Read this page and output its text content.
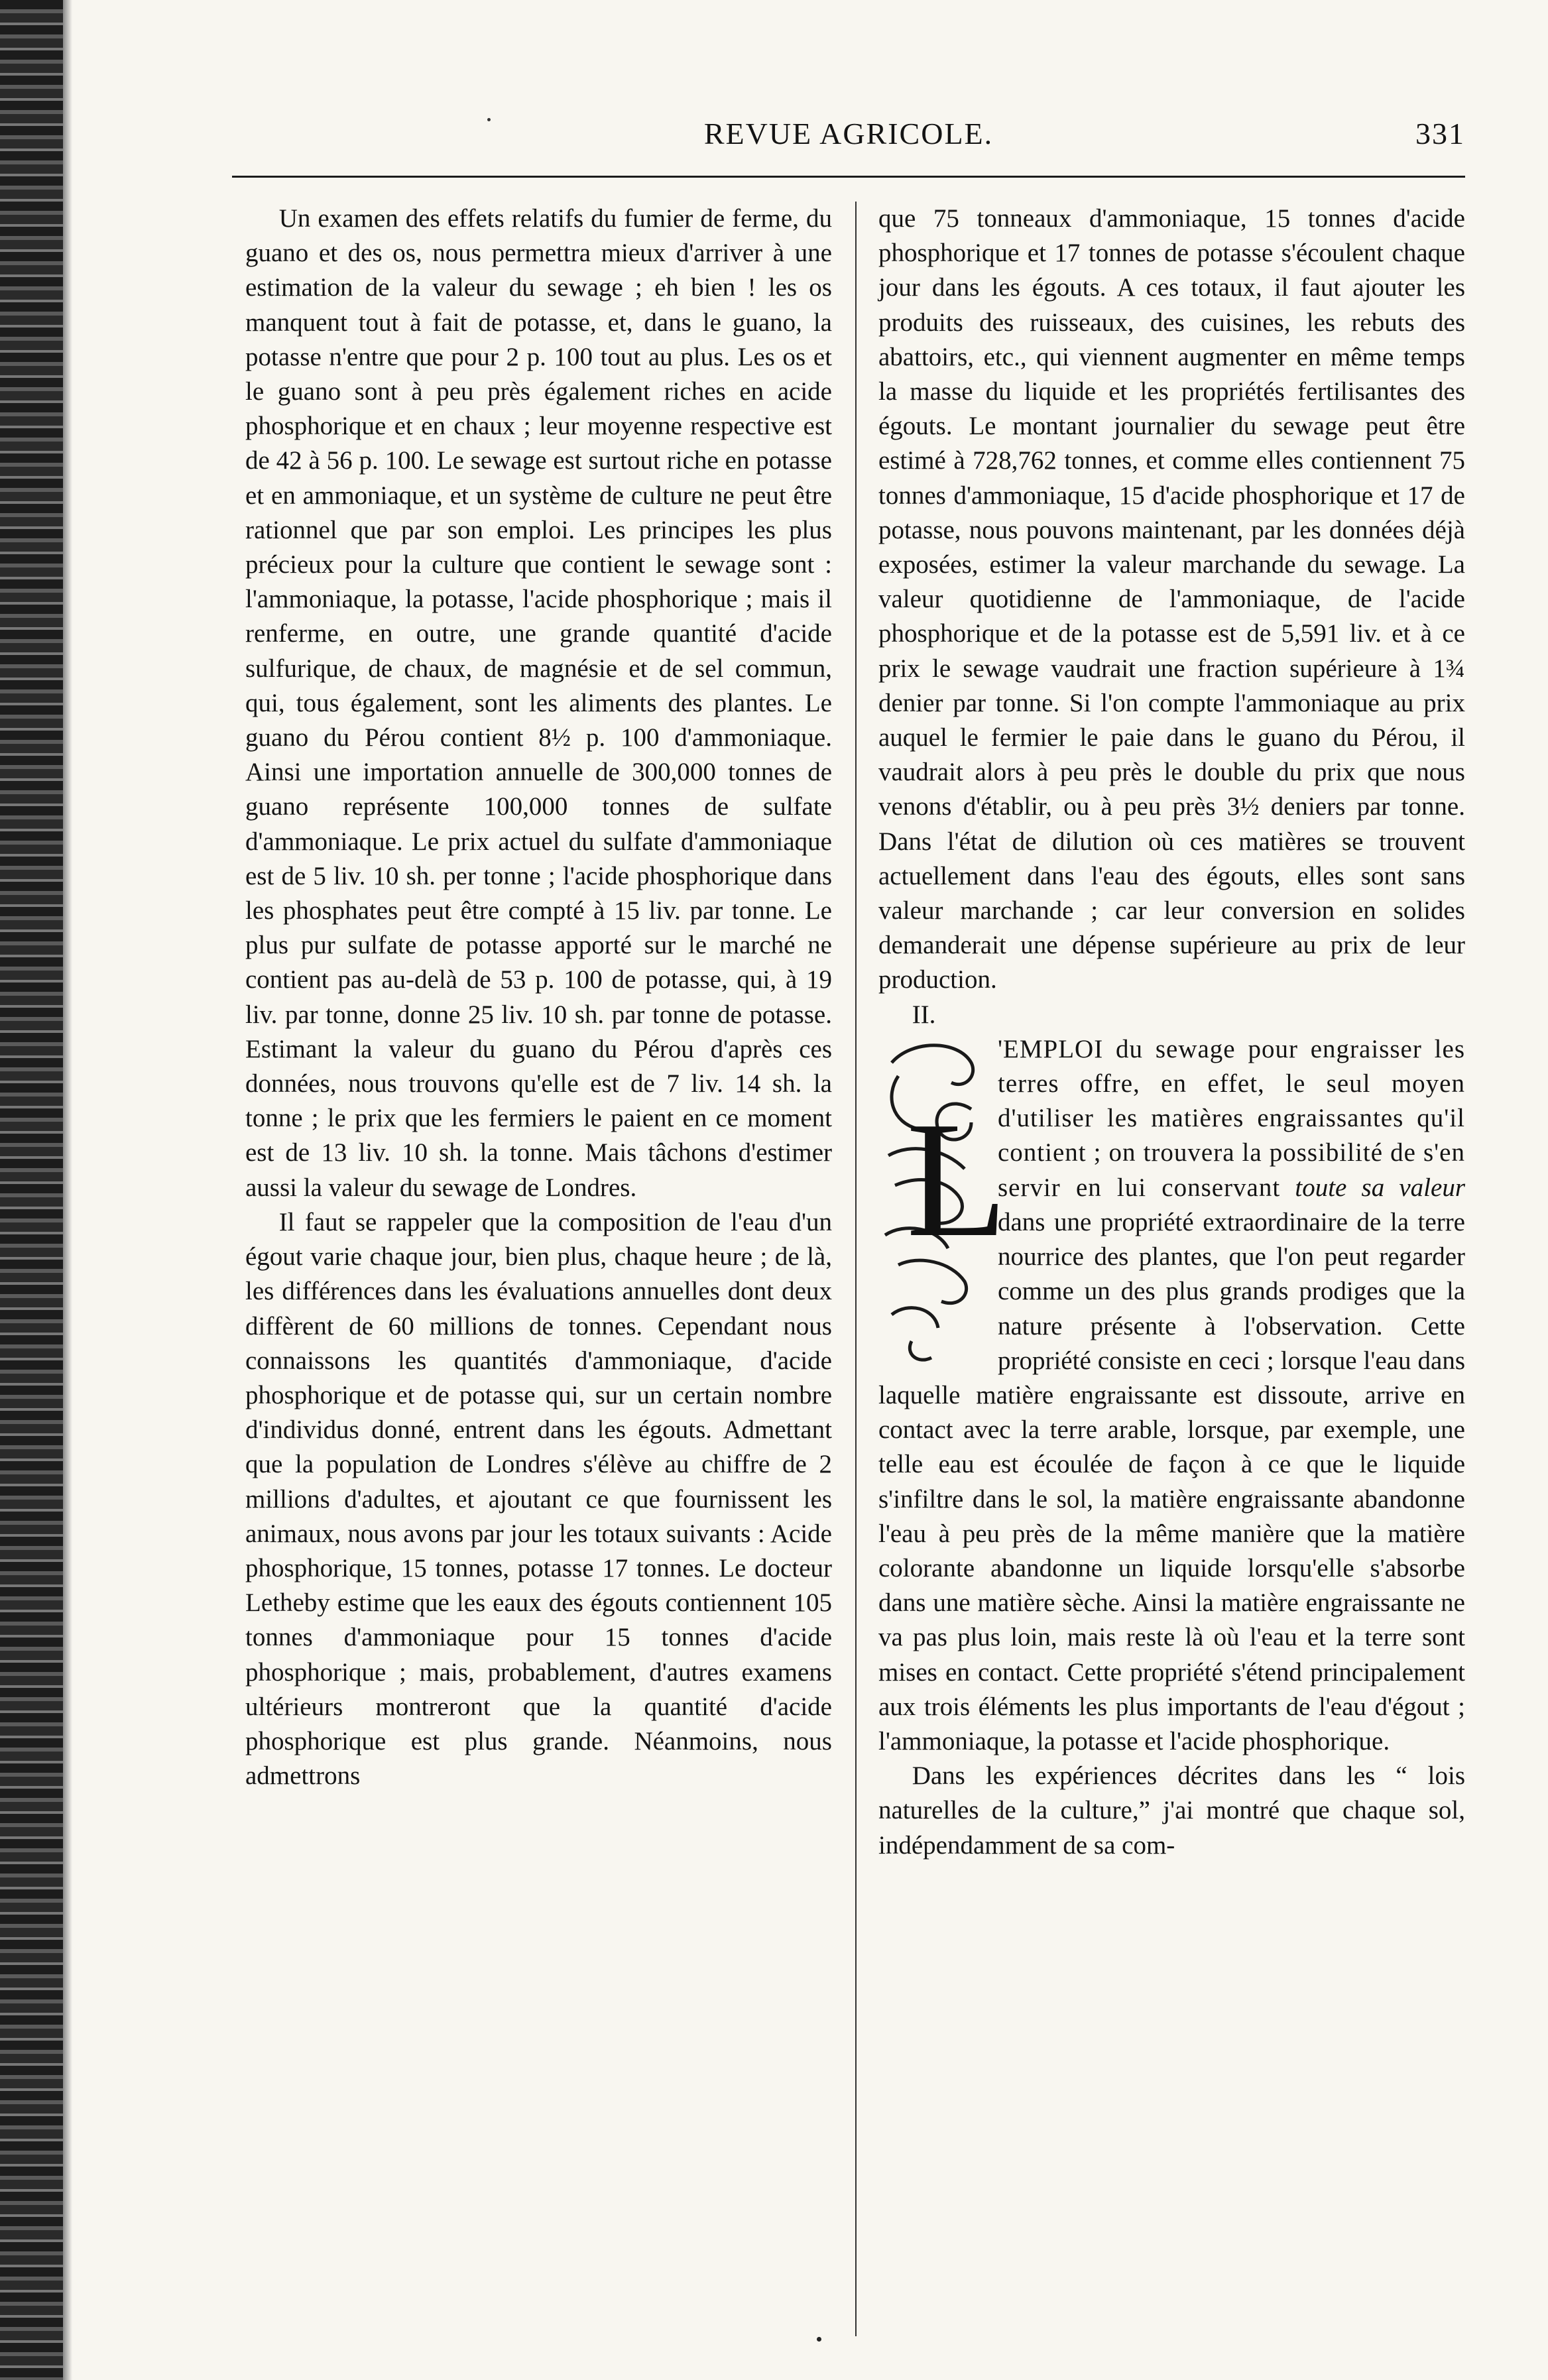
REVUE AGRICOLE.	331

Un examen des effets relatifs du fumier de ferme, du guano et des os, nous permettra mieux d'arriver à une estimation de la valeur du sewage ; eh bien ! les os manquent tout à fait de potasse, et, dans le guano, la potasse n'entre que pour 2 p. 100 tout au plus. Les os et le guano sont à peu près également riches en acide phosphorique et en chaux ; leur moyenne respective est de 42 à 56 p. 100. Le sewage est surtout riche en potasse et en ammoniaque, et un système de culture ne peut être rationnel que par son emploi. Les principes les plus précieux pour la culture que contient le sewage sont : l'ammoniaque, la potasse, l'acide phosphorique ; mais il renferme, en outre, une grande quantité d'acide sulfurique, de chaux, de magnésie et de sel commun, qui, tous également, sont les aliments des plantes. Le guano du Pérou contient 8½ p. 100 d'ammoniaque. Ainsi une importation annuelle de 300,000 tonnes de guano représente 100,000 tonnes de sulfate d'ammoniaque. Le prix actuel du sulfate d'ammoniaque est de 5 liv. 10 sh. per tonne ; l'acide phosphorique dans les phosphates peut être compté à 15 liv. par tonne. Le plus pur sulfate de potasse apporté sur le marché ne contient pas au-delà de 53 p. 100 de potasse, qui, à 19 liv. par tonne, donne 25 liv. 10 sh. par tonne de potasse. Estimant la valeur du guano du Pérou d'après ces données, nous trouvons qu'elle est de 7 liv. 14 sh. la tonne ; le prix que les fermiers le paient en ce moment est de 13 liv. 10 sh. la tonne. Mais tâchons d'estimer aussi la valeur du sewage de Londres.

Il faut se rappeler que la composition de l'eau d'un égout varie chaque jour, bien plus, chaque heure ; de là, les différences dans les évaluations annuelles dont deux diffèrent de 60 millions de tonnes. Cependant nous connaissons les quantités d'ammoniaque, d'acide phosphorique et de potasse qui, sur un certain nombre d'individus donné, entrent dans les égouts. Admettant que la population de Londres s'élève au chiffre de 2 millions d'adultes, et ajoutant ce que fournissent les animaux, nous avons par jour les totaux suivants : Acide phosphorique, 15 tonnes, potasse 17 tonnes. Le docteur Letheby estime que les eaux des égouts contiennent 105 tonnes d'ammoniaque pour 15 tonnes d'acide phosphorique ; mais, probablement, d'autres examens ultérieurs montreront que la quantité d'acide phosphorique est plus grande. Néanmoins, nous admettrons

que 75 tonneaux d'ammoniaque, 15 tonnes d'acide phosphorique et 17 tonnes de potasse s'écoulent chaque jour dans les égouts. A ces totaux, il faut ajouter les produits des ruisseaux, des cuisines, les rebuts des abattoirs, etc., qui viennent augmenter en même temps la masse du liquide et les propriétés fertilisantes des égouts. Le montant journalier du sewage peut être estimé à 728,762 tonnes, et comme elles contiennent 75 tonnes d'ammoniaque, 15 d'acide phosphorique et 17 de potasse, nous pouvons maintenant, par les données déjà exposées, estimer la valeur marchande du sewage. La valeur quotidienne de l'ammoniaque, de l'acide phosphorique et de la potasse est de 5,591 liv. et à ce prix le sewage vaudrait une fraction supérieure à 1¾ denier par tonne. Si l'on compte l'ammoniaque au prix auquel le fermier le paie dans le guano du Pérou, il vaudrait alors à peu près le double du prix que nous venons d'établir, ou à peu près 3½ deniers par tonne. Dans l'état de dilution où ces matières se trouvent actuellement dans l'eau des égouts, elles sont sans valeur marchande ; car leur conversion en solides demanderait une dépense supérieure au prix de leur production.

II.

L

'EMPLOI du sewage pour engraisser les terres offre, en effet, le seul moyen d'utiliser les matières engraissantes qu'il contient ; on trouvera la possibilité de s'en servir en lui conservant toute sa valeur dans une propriété extraordinaire de la terre nourrice des plantes, que l'on peut regarder comme un des plus grands prodiges que la nature présente à l'observation. Cette propriété consiste en ceci ; lorsque l'eau dans laquelle matière engraissante est dissoute, arrive en contact avec la terre arable, lorsque, par exemple, une telle eau est écoulée de façon à ce que le liquide s'infiltre dans le sol, la matière engraissante abandonne l'eau à peu près de la même manière que la matière colorante abandonne un liquide lorsqu'elle s'absorbe dans une matière sèche. Ainsi la matière engraissante ne va pas plus loin, mais reste là où l'eau et la terre sont mises en contact. Cette propriété s'étend principalement aux trois éléments les plus importants de l'eau d'égout ; l'ammoniaque, la potasse et l'acide phosphorique.

Dans les expériences décrites dans les “ lois naturelles de la culture,” j'ai montré que chaque sol, indépendamment de sa com-
